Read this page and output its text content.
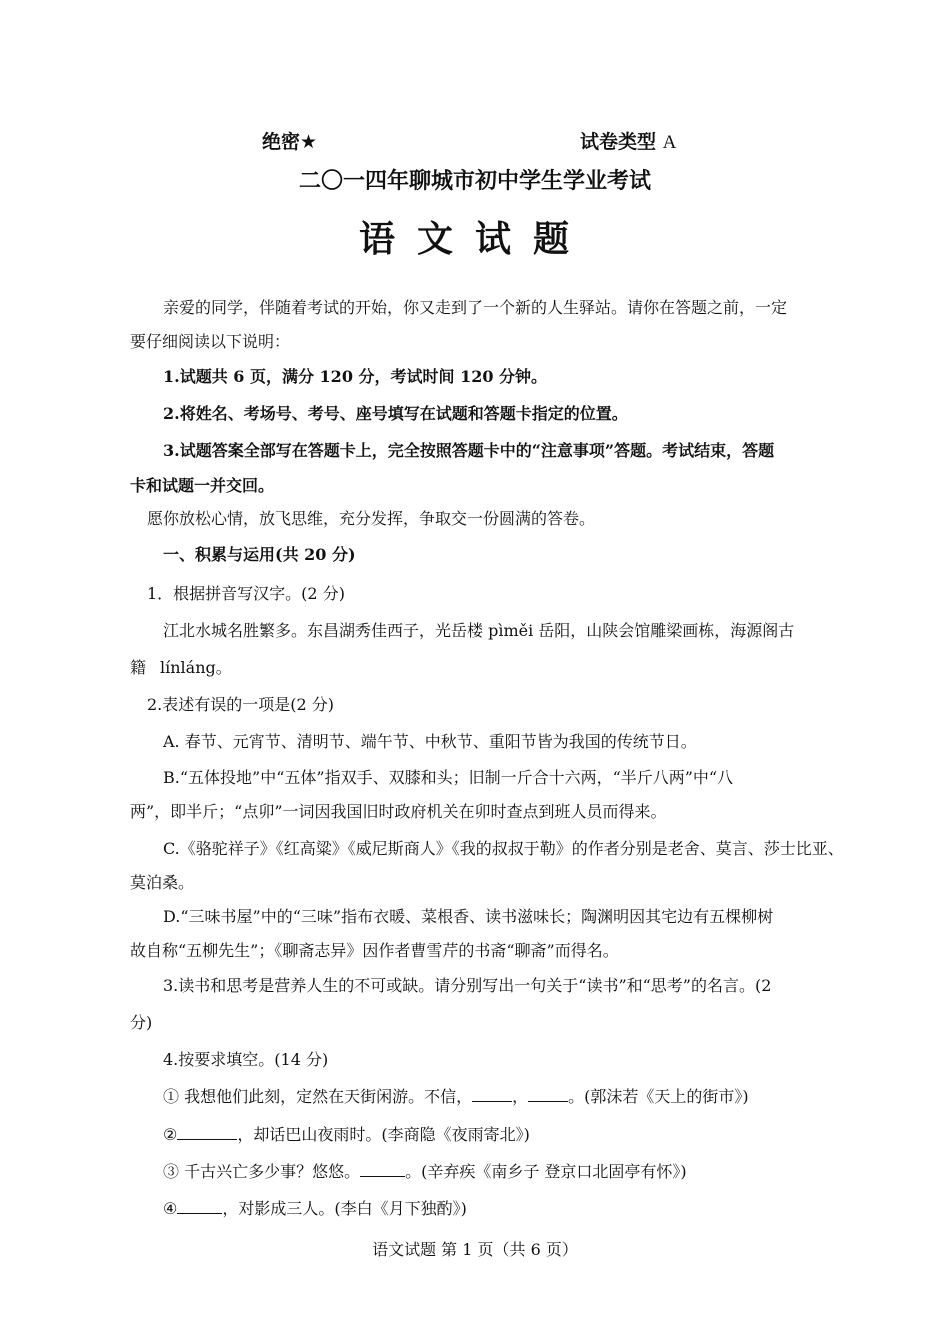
绝密★	试卷类型 A
二〇一四年聊城市初中学生学业考试
语文试题
亲爱的同学，伴随着考试的开始，你又走到了一个新的人生驿站。请你在答题之前，一定
要仔细阅读以下说明：
1.试题共 6 页，满分 120 分，考试时间 120 分钟。
2.将姓名、考场号、考号、座号填写在试题和答题卡指定的位置。
3.试题答案全部写在答题卡上，完全按照答题卡中的“注意事项”答题。考试结束，答题
卡和试题一并交回。
愿你放松心情，放飞思维，充分发挥，争取交一份圆满的答卷。
一、积累与运用(共 20 分)
1．根据拼音写汉字。(2 分)
江北水城名胜繁多。东昌湖秀佳西子，光岳楼 pìměi 岳阳，山陕会馆雕梁画栋，海源阁古
籍 línláng。
2.表述有误的一项是(2 分)
A. 春节、元宵节、清明节、端午节、中秋节、重阳节皆为我国的传统节日。
B.“五体投地”中“五体”指双手、双膝和头；旧制一斤合十六两，“半斤八两”中“八
两”，即半斤；“点卯”一词因我国旧时政府机关在卯时查点到班人员而得来。
C.《骆驼祥子》《红高粱》《威尼斯商人》《我的叔叔于勒》的作者分别是老舍、莫言、莎士比亚、
莫泊桑。
D.“三味书屋”中的“三味”指布衣暖、菜根香、读书滋味长；陶渊明因其宅边有五棵柳树
故自称“五柳先生”；《聊斋志异》因作者曹雪芹的书斋“聊斋”而得名。
3.读书和思考是营养人生的不可或缺。请分别写出一句关于“读书”和“思考”的名言。(2
分)
4.按要求填空。(14 分)
① 我想他们此刻，定然在天街闲游。不信，	，	。(郭沫若《天上的街市》)
②	，却话巴山夜雨时。(李商隐《夜雨寄北》)
③ 千古兴亡多少事？悠悠。	。(辛弃疾《南乡子 登京口北固亭有怀》)
④	，对影成三人。(李白《月下独酌》)
语文试题 第 1 页（共 6 页）
